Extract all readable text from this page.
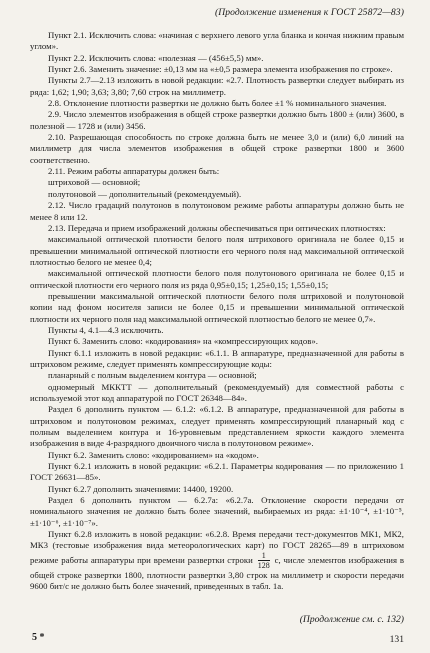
(Продолжение изменения к ГОСТ 25872—83)

Пункт 2.1. Исключить слова: «начиная с верхнего левого угла бланка и кончая нижним правым углом».

Пункт 2.2. Исключить слова: «полезная — (456±5,5) мм».

Пункт 2.6. Заменить значение: ±0,13 мм на «±0,5 размера элемента изображения по строке».

Пункты 2.7—2.13 изложить в новой редакции: «2.7. Плотность развертки следует выбирать из ряда: 1,62; 1,90; 3,63; 3,80; 7,60 строк на миллиметр.

2.8. Отклонение плотности развертки не должно быть более ±1 % номинального значения.

2.9. Число элементов изображения в общей строке развертки должно быть 1800 ± (или) 3600, в полезной — 1728 и (или) 3456.

2.10. Разрешающая способность по строке должна быть не менее 3,0 и (или) 6,0 линий на миллиметр для числа элементов изображения в общей строке развертки 1800 и 3600 соответственно.

2.11. Режим работы аппаратуры должен быть:

штриховой — основной;

полутоновой — дополнительный (рекомендуемый).

2.12. Число градаций полутонов в полутоновом режиме работы аппаратуры должно быть не менее 8 или 12.

2.13. Передача и прием изображений должны обеспечиваться при оптических плотностях:

максимальной оптической плотности белого поля штрихового оригинала не более 0,15 и превышении минимальной оптической плотности его черного поля над максимальной оптической плотностью белого не менее 0,4;

максимальной оптической плотности белого поля полутонового оригинала не более 0,15 и оптической плотности его черного поля из ряда 0,95±0,15; 1,25±0,15; 1,55±0,15;

превышении максимальной оптической плотности белого поля штриховой и полутоновой копии над фоном носителя записи не более 0,15 и превышении минимальной оптической плотности их черного поля над максимальной оптической плотностью белого не менее 0,7».

Пункты 4, 4.1—4.3 исключить.

Пункт 6. Заменить слово: «кодирования» на «компрессирующих кодов».

Пункт 6.1.1 изложить в новой редакции: «6.1.1. В аппаратуре, предназначенной для работы в штриховом режиме, следует применять компрессирующие коды:

планарный с полным выделением контура — основной;

одномерный МККТТ — дополнительный (рекомендуемый) для совместной работы с используемой этот код аппаратурой по ГОСТ 26348—84».

Раздел 6 дополнить пунктом — 6.1.2: «6.1.2. В аппаратуре, предназначенной для работы в штриховом и полутоновом режимах, следует применять компрессирующий планарный код с полным выделением контура и 16-уровневым представлением яркости каждого элемента изображения в виде 4-разрядного двоичного числа в полутоновом режиме».

Пункт 6.2. Заменить слово: «кодированием» на «кодом».

Пункт 6.2.1 изложить в новой редакции: «6.2.1. Параметры кодирования — по приложению 1 ГОСТ 26631—85».

Пункт 6.2.7 дополнить значениями: 14400, 19200.

Раздел 6 дополнить пунктом — 6.2.7а: «6.2.7а. Отклонение скорости передачи от номинального значения не должно быть более значений, выбираемых из ряда: ±1·10⁻⁴, ±1·10⁻⁵, ±1·10⁻⁶, ±1·10⁻⁷».

Пункт 6.2.8 изложить в новой редакции: «6.2.8. Время передачи тест-документов МК1, МК2, МК3 (тестовые изображения вида метеорологических карт) по ГОСТ 28265—89 в штриховом режиме работы аппаратуры при времени развертки строки $\frac{1}{128} с$, числе элементов изображения в общей строке развертки 1800, плотности развертки 3,80 строк на миллиметр и скорости передачи 9600 бит/с не должно быть более значений, приведенных в табл. 1а.

(Продолжение см. с. 132)
5 *	131
